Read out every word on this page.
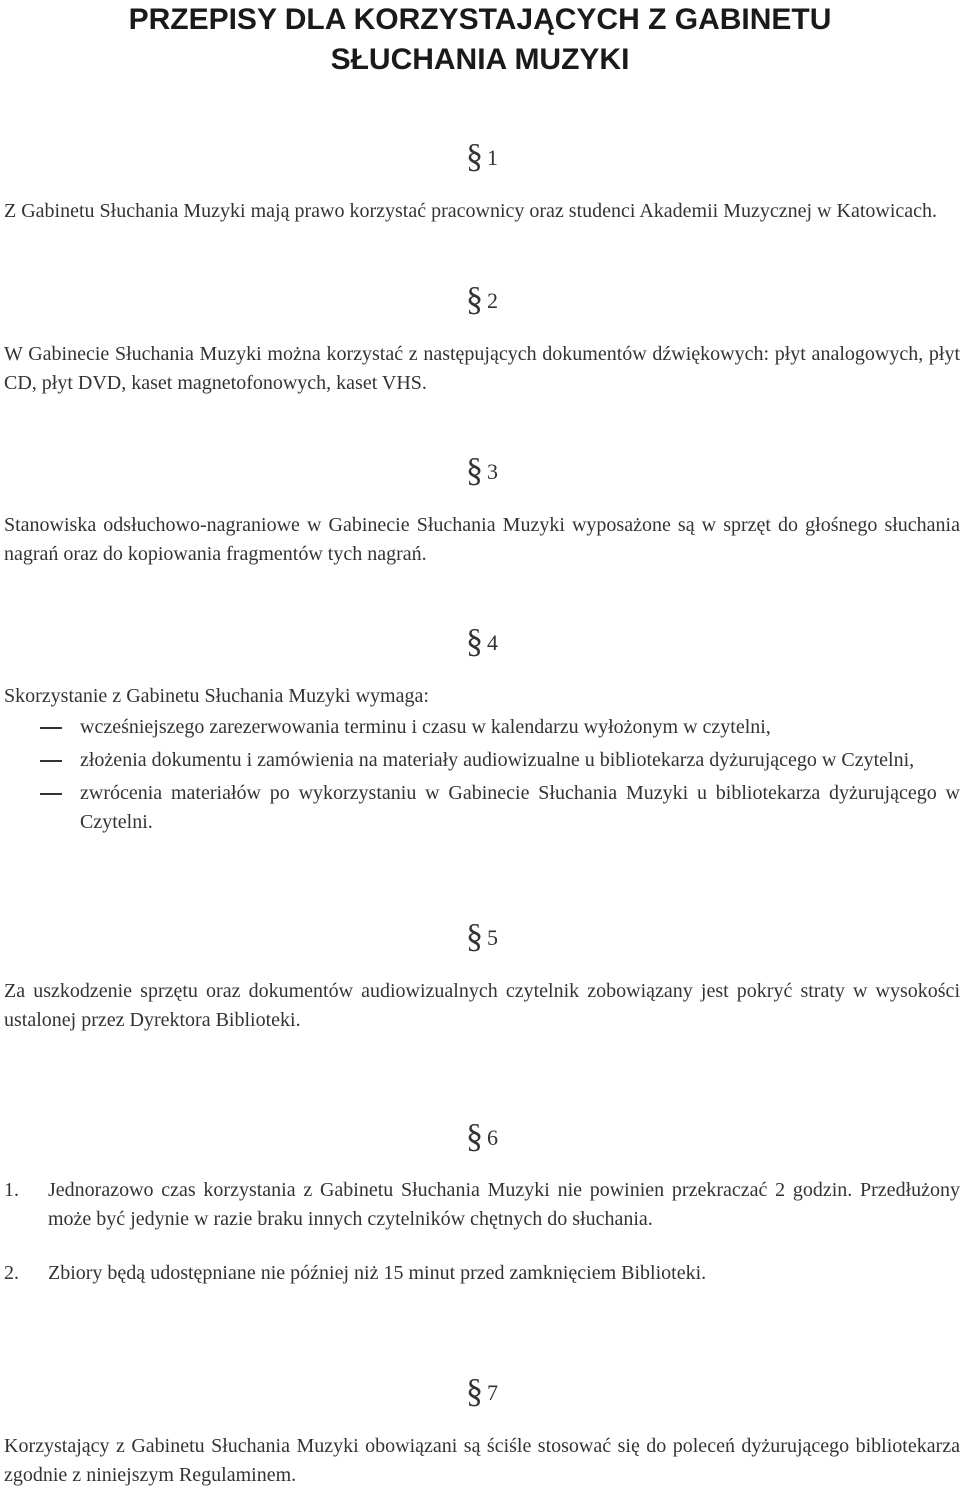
PRZEPISY DLA KORZYSTAJĄCYCH Z GABINETU
SŁUCHANIA MUZYKI
§ 1

Z Gabinetu Słuchania Muzyki mają prawo korzystać pracownicy oraz studenci Akademii Muzycznej w Katowicach.

§ 2

W Gabinecie Słuchania Muzyki można korzystać z następujących dokumentów dźwiękowych: płyt analogowych, płyt CD, płyt DVD, kaset magnetofonowych, kaset VHS.

§ 3

Stanowiska odsłuchowo-nagraniowe w Gabinecie Słuchania Muzyki wyposażone są w sprzęt do głośnego słuchania nagrań oraz do kopiowania fragmentów tych nagrań.

§ 4

Skorzystanie z Gabinetu Słuchania Muzyki wymaga:

wcześniejszego zarezerwowania terminu i czasu w kalendarzu wyłożonym w czytelni,
złożenia dokumentu i zamówienia na materiały audiowizualne u bibliotekarza dyżurującego w Czytelni,
zwrócenia materiałów po wykorzystaniu w Gabinecie Słuchania Muzyki u bibliotekarza dyżurującego w Czytelni.
§ 5

Za uszkodzenie sprzętu oraz dokumentów audiowizualnych czytelnik zobowiązany jest pokryć straty w wysokości ustalonej przez Dyrektora Biblioteki.

§ 6
1. Jednorazowo czas korzystania z Gabinetu Słuchania Muzyki nie powinien przekraczać 2 godzin. Przedłużony może być jedynie w razie braku innych czytelników chętnych do słuchania.
2. Zbiory będą udostępniane nie później niż 15 minut przed zamknięciem Biblioteki.
§ 7

Korzystający z Gabinetu Słuchania Muzyki obowiązani są ściśle stosować się do poleceń dyżurującego bibliotekarza zgodnie z niniejszym Regulaminem.
